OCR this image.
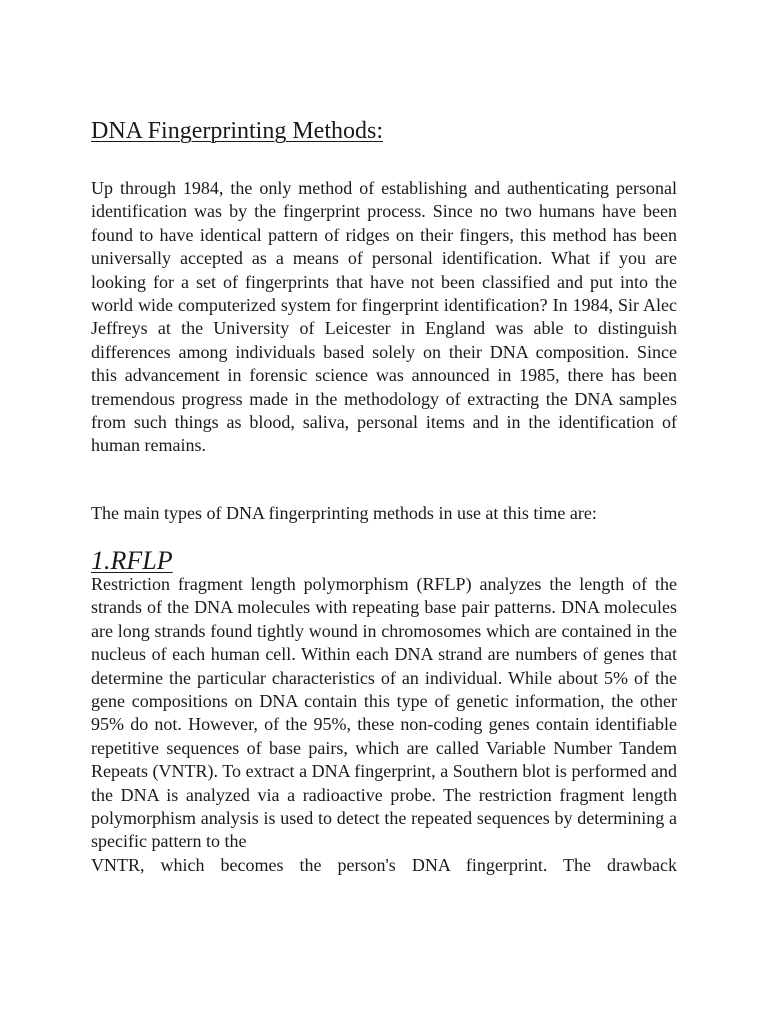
DNA Fingerprinting Methods:

Up through 1984, the only method of establishing and authenticating personal identification was by the fingerprint process. Since no two humans have been found to have identical pattern of ridges on their fingers, this method has been universally accepted as a means of personal identification. What if you are looking for a set of fingerprints that have not been classified and put into the world wide computerized system for fingerprint identification? In 1984, Sir Alec Jeffreys at the University of Leicester in England was able to distinguish differences among individuals based solely on their DNA composition. Since this advancement in forensic science was announced in 1985, there has been tremendous progress made in the methodology of extracting the DNA samples from such things as blood, saliva, personal items and in the identification of human remains.

The main types of DNA fingerprinting methods in use at this time are:

1.RFLP

Restriction fragment length polymorphism (RFLP) analyzes the length of the strands of the DNA molecules with repeating base pair patterns. DNA molecules are long strands found tightly wound in chromosomes which are contained in the nucleus of each human cell. Within each DNA strand are numbers of genes that determine the particular characteristics of an individual. While about 5% of the gene compositions on DNA contain this type of genetic information, the other 95% do not. However, of the 95%, these non-coding genes contain identifiable repetitive sequences of base pairs, which are called Variable Number Tandem Repeats (VNTR). To extract a DNA fingerprint, a Southern blot is performed and the DNA is analyzed via a radioactive probe. The restriction fragment length polymorphism analysis is used to detect the repeated sequences by determining a specific pattern to the
VNTR, which becomes the person's DNA fingerprint. The drawback
